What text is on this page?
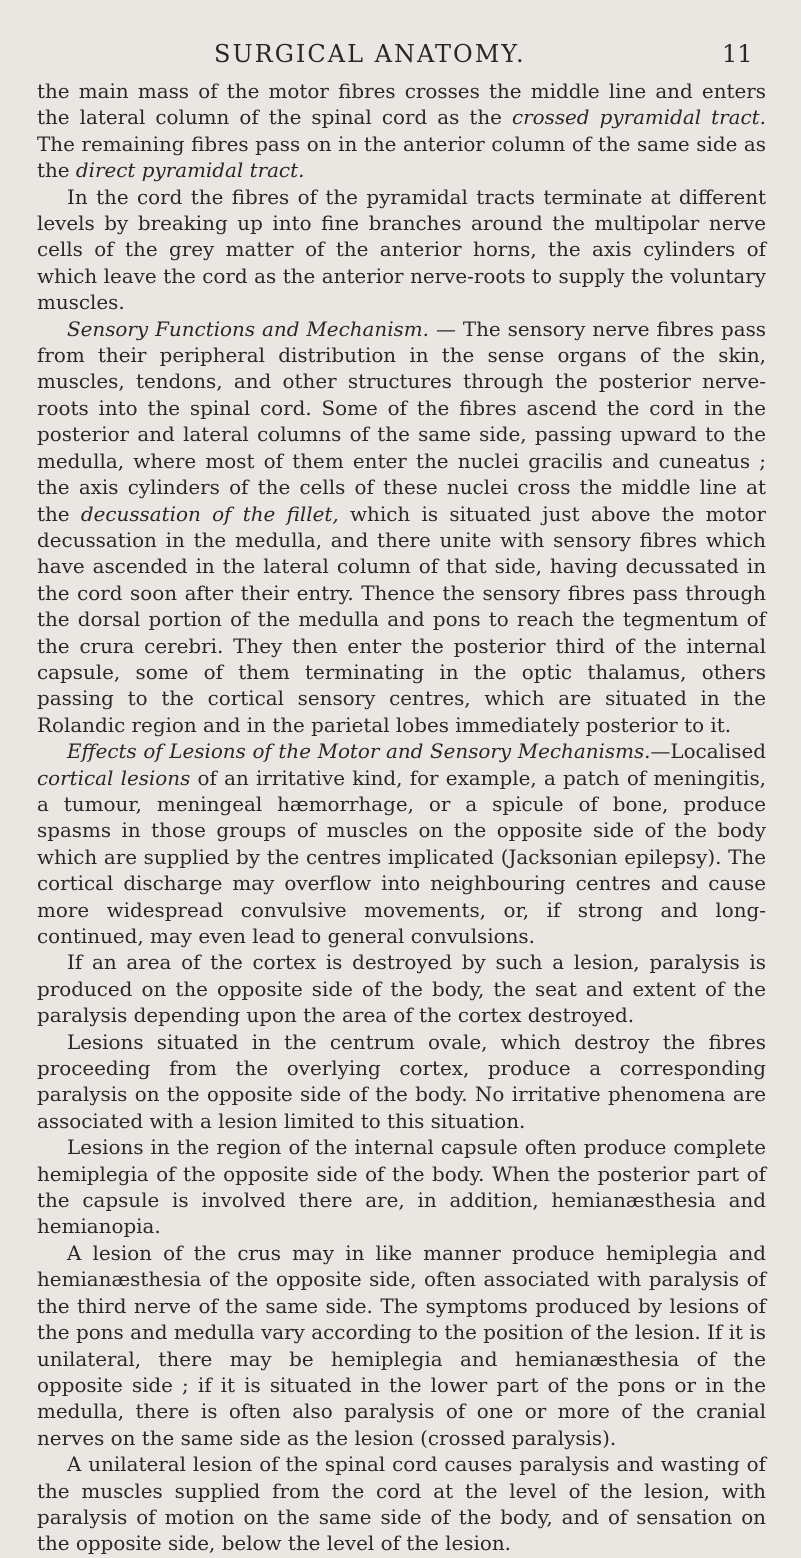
SURGICAL ANATOMY.	11

the main mass of the motor fibres crosses the middle line and enters the lateral column of the spinal cord as the crossed pyramidal tract. The remaining fibres pass on in the anterior column of the same side as the direct pyramidal tract.

In the cord the fibres of the pyramidal tracts terminate at different levels by breaking up into fine branches around the multipolar nerve cells of the grey matter of the anterior horns, the axis cylinders of which leave the cord as the anterior nerve-roots to supply the voluntary muscles.

Sensory Functions and Mechanism. — The sensory nerve fibres pass from their peripheral distribution in the sense organs of the skin, muscles, tendons, and other structures through the posterior nerve-roots into the spinal cord. Some of the fibres ascend the cord in the posterior and lateral columns of the same side, passing upward to the medulla, where most of them enter the nuclei gracilis and cuneatus ; the axis cylinders of the cells of these nuclei cross the middle line at the decussation of the fillet, which is situated just above the motor decussation in the medulla, and there unite with sensory fibres which have ascended in the lateral column of that side, having decussated in the cord soon after their entry. Thence the sensory fibres pass through the dorsal portion of the medulla and pons to reach the tegmentum of the crura cerebri. They then enter the posterior third of the internal capsule, some of them terminating in the optic thalamus, others passing to the cortical sensory centres, which are situated in the Rolandic region and in the parietal lobes immediately posterior to it.

Effects of Lesions of the Motor and Sensory Mechanisms.—Localised cortical lesions of an irritative kind, for example, a patch of meningitis, a tumour, meningeal hæmorrhage, or a spicule of bone, produce spasms in those groups of muscles on the opposite side of the body which are supplied by the centres implicated (Jacksonian epilepsy). The cortical discharge may overflow into neighbouring centres and cause more widespread convulsive movements, or, if strong and long-continued, may even lead to general convulsions.

If an area of the cortex is destroyed by such a lesion, paralysis is produced on the opposite side of the body, the seat and extent of the paralysis depending upon the area of the cortex destroyed.

Lesions situated in the centrum ovale, which destroy the fibres proceeding from the overlying cortex, produce a corresponding paralysis on the opposite side of the body. No irritative phenomena are associated with a lesion limited to this situation.

Lesions in the region of the internal capsule often produce complete hemiplegia of the opposite side of the body. When the posterior part of the capsule is involved there are, in addition, hemianæsthesia and hemianopia.

A lesion of the crus may in like manner produce hemiplegia and hemianæsthesia of the opposite side, often associated with paralysis of the third nerve of the same side. The symptoms produced by lesions of the pons and medulla vary according to the position of the lesion. If it is unilateral, there may be hemiplegia and hemianæsthesia of the opposite side ; if it is situated in the lower part of the pons or in the medulla, there is often also paralysis of one or more of the cranial nerves on the same side as the lesion (crossed paralysis).

A unilateral lesion of the spinal cord causes paralysis and wasting of the muscles supplied from the cord at the level of the lesion, with paralysis of motion on the same side of the body, and of sensation on the opposite side, below the level of the lesion.
